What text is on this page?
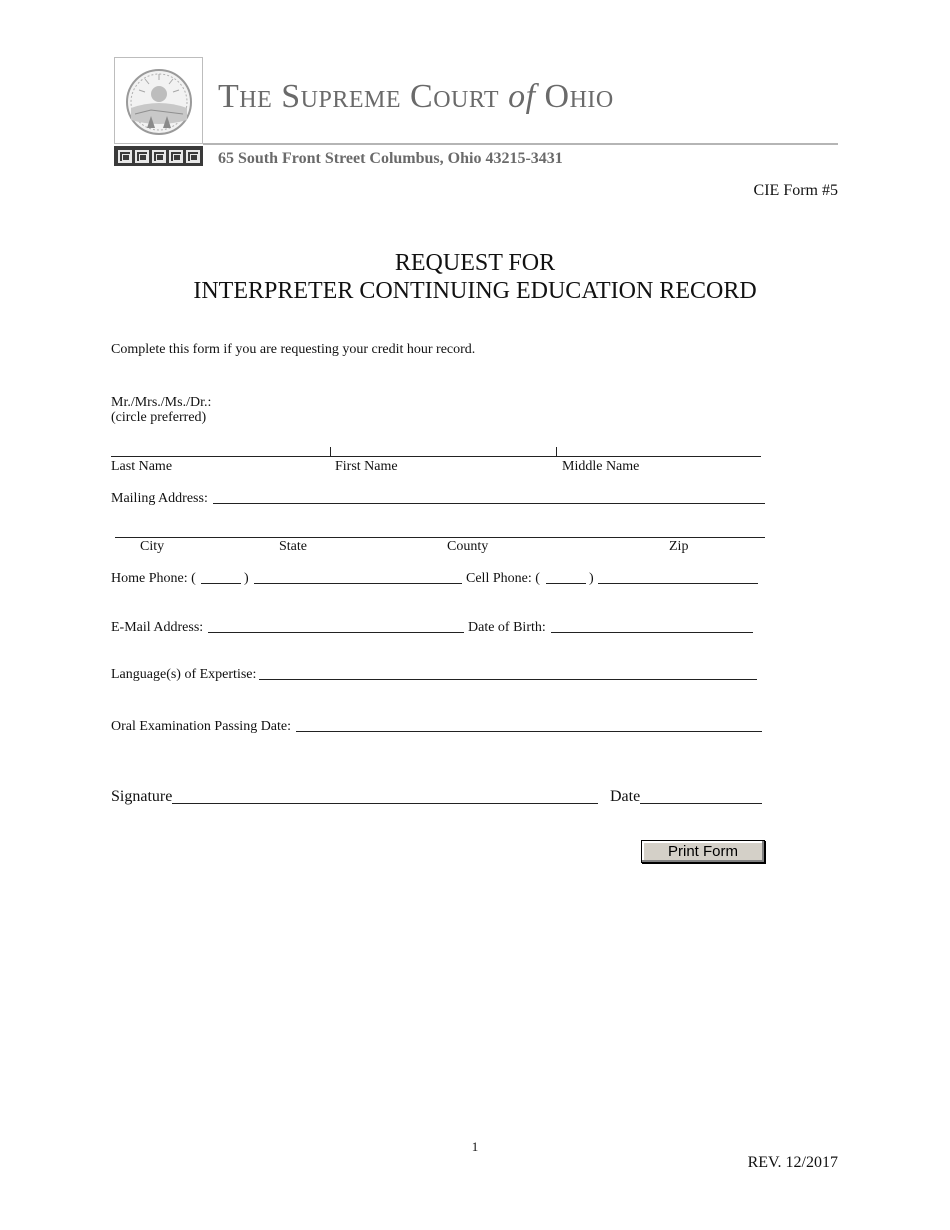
The Supreme Court of Ohio
65 South Front Street Columbus, Ohio 43215-3431
CIE Form #5
REQUEST FOR
INTERPRETER CONTINUING EDUCATION RECORD
Complete this form if you are requesting your credit hour record.
Mr./Mrs./Ms./Dr.:
(circle preferred)
Last Name	First Name	Middle Name
Mailing Address:
City	State	County	Zip
Home Phone: (	)	Cell Phone: (	)
E-Mail Address:	Date of Birth:
Language(s) of Expertise:
Oral Examination Passing Date:
Signature	Date
Print Form
1
REV. 12/2017
